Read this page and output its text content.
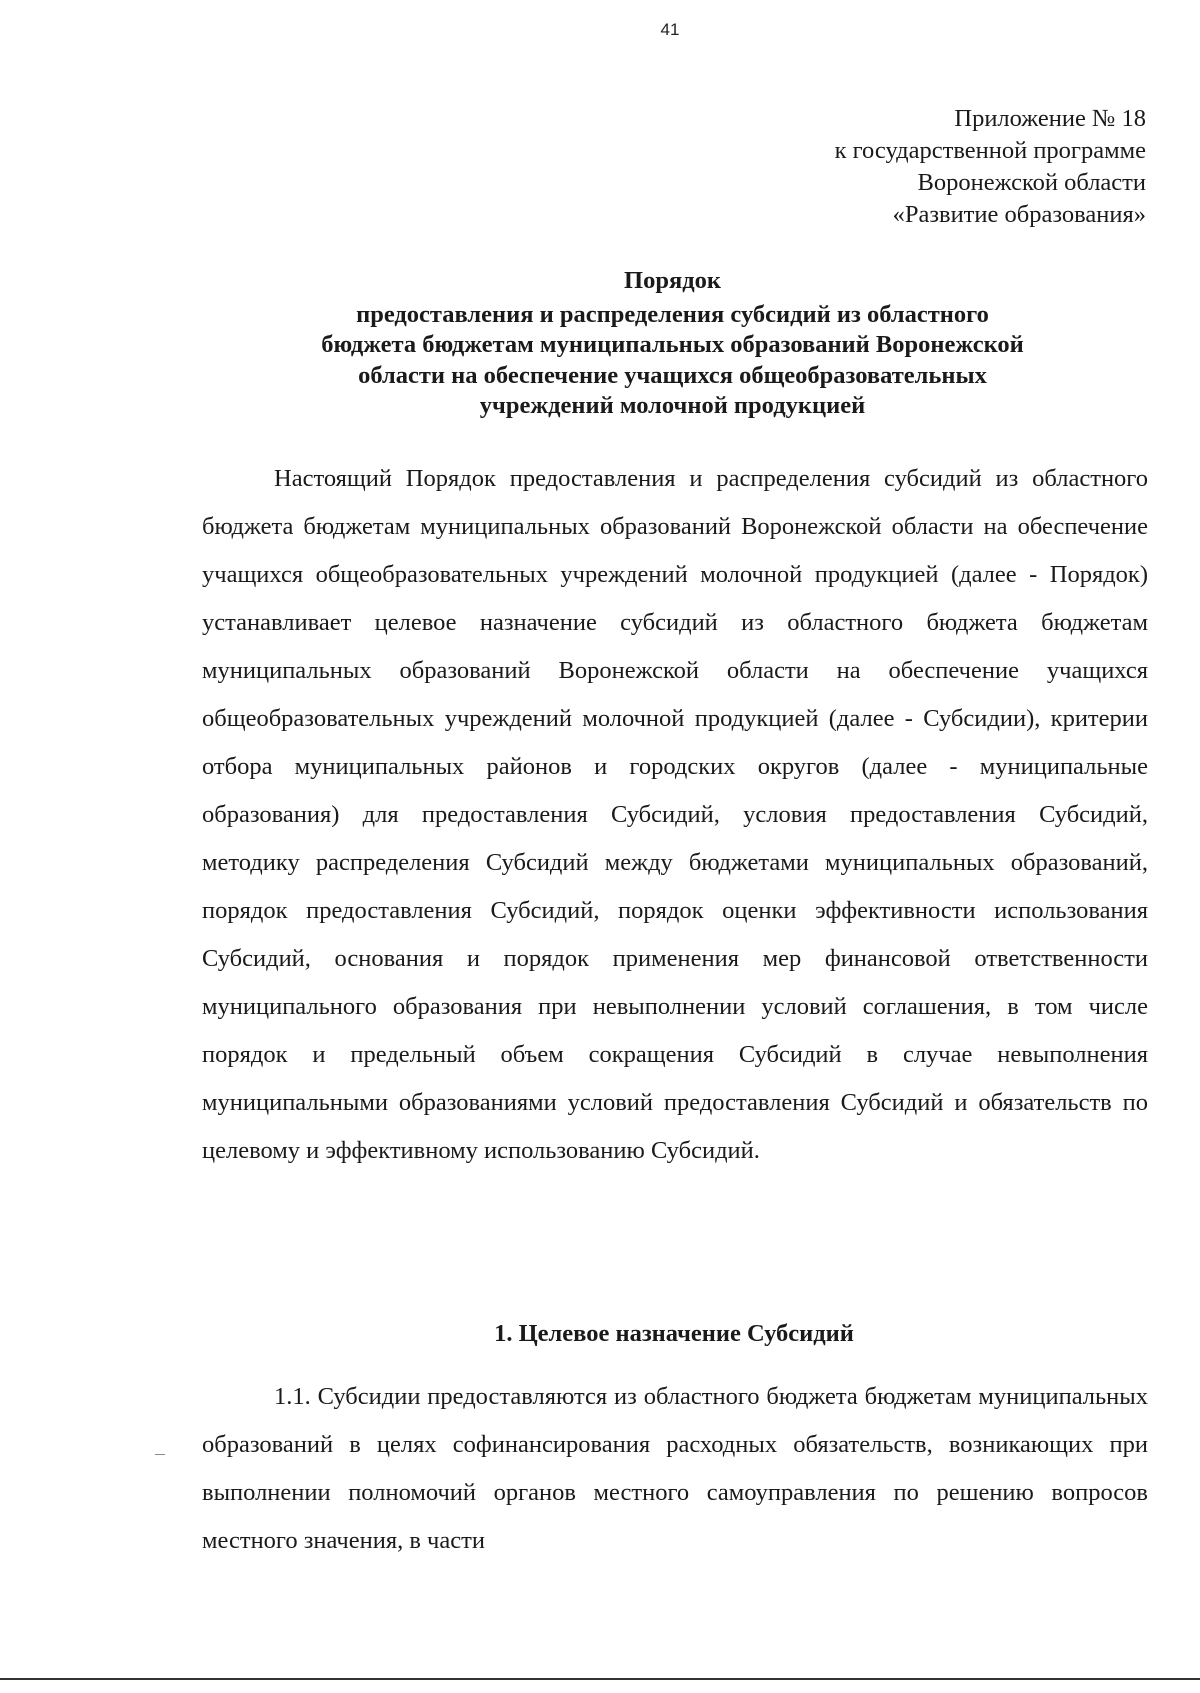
41
Приложение № 18
к государственной программе
Воронежской области
«Развитие образования»
Порядок
предоставления и распределения субсидий из областного
бюджета бюджетам муниципальных образований Воронежской
области на обеспечение учащихся общеобразовательных
учреждений молочной продукцией

Настоящий Порядок предоставления и распределения субсидий из областного бюджета бюджетам муниципальных образований Воронежской области на обеспечение учащихся общеобразовательных учреждений молочной продукцией (далее - Порядок) устанавливает целевое назначение субсидий из областного бюджета бюджетам муниципальных образований Воронежской области на обеспечение учащихся общеобразовательных учреждений молочной продукцией (далее - Субсидии), критерии отбора муниципальных районов и городских округов (далее - муниципальные образования) для предоставления Субсидий, условия предоставления Субсидий, методику распределения Субсидий между бюджетами муниципальных образований, порядок предоставления Субсидий, порядок оценки эффективности использования Субсидий, основания и порядок применения мер финансовой ответственности муниципального образования при невыполнении условий соглашения, в том числе порядок и предельный объем сокращения Субсидий в случае невыполнения муниципальными образованиями условий предоставления Субсидий и обязательств по целевому и эффективному использованию Субсидий.

1. Целевое назначение Субсидий

1.1. Субсидии предоставляются из областного бюджета бюджетам муниципальных образований в целях софинансирования расходных обязательств, возникающих при выполнении полномочий органов местного самоуправления по решению вопросов местного значения, в части
